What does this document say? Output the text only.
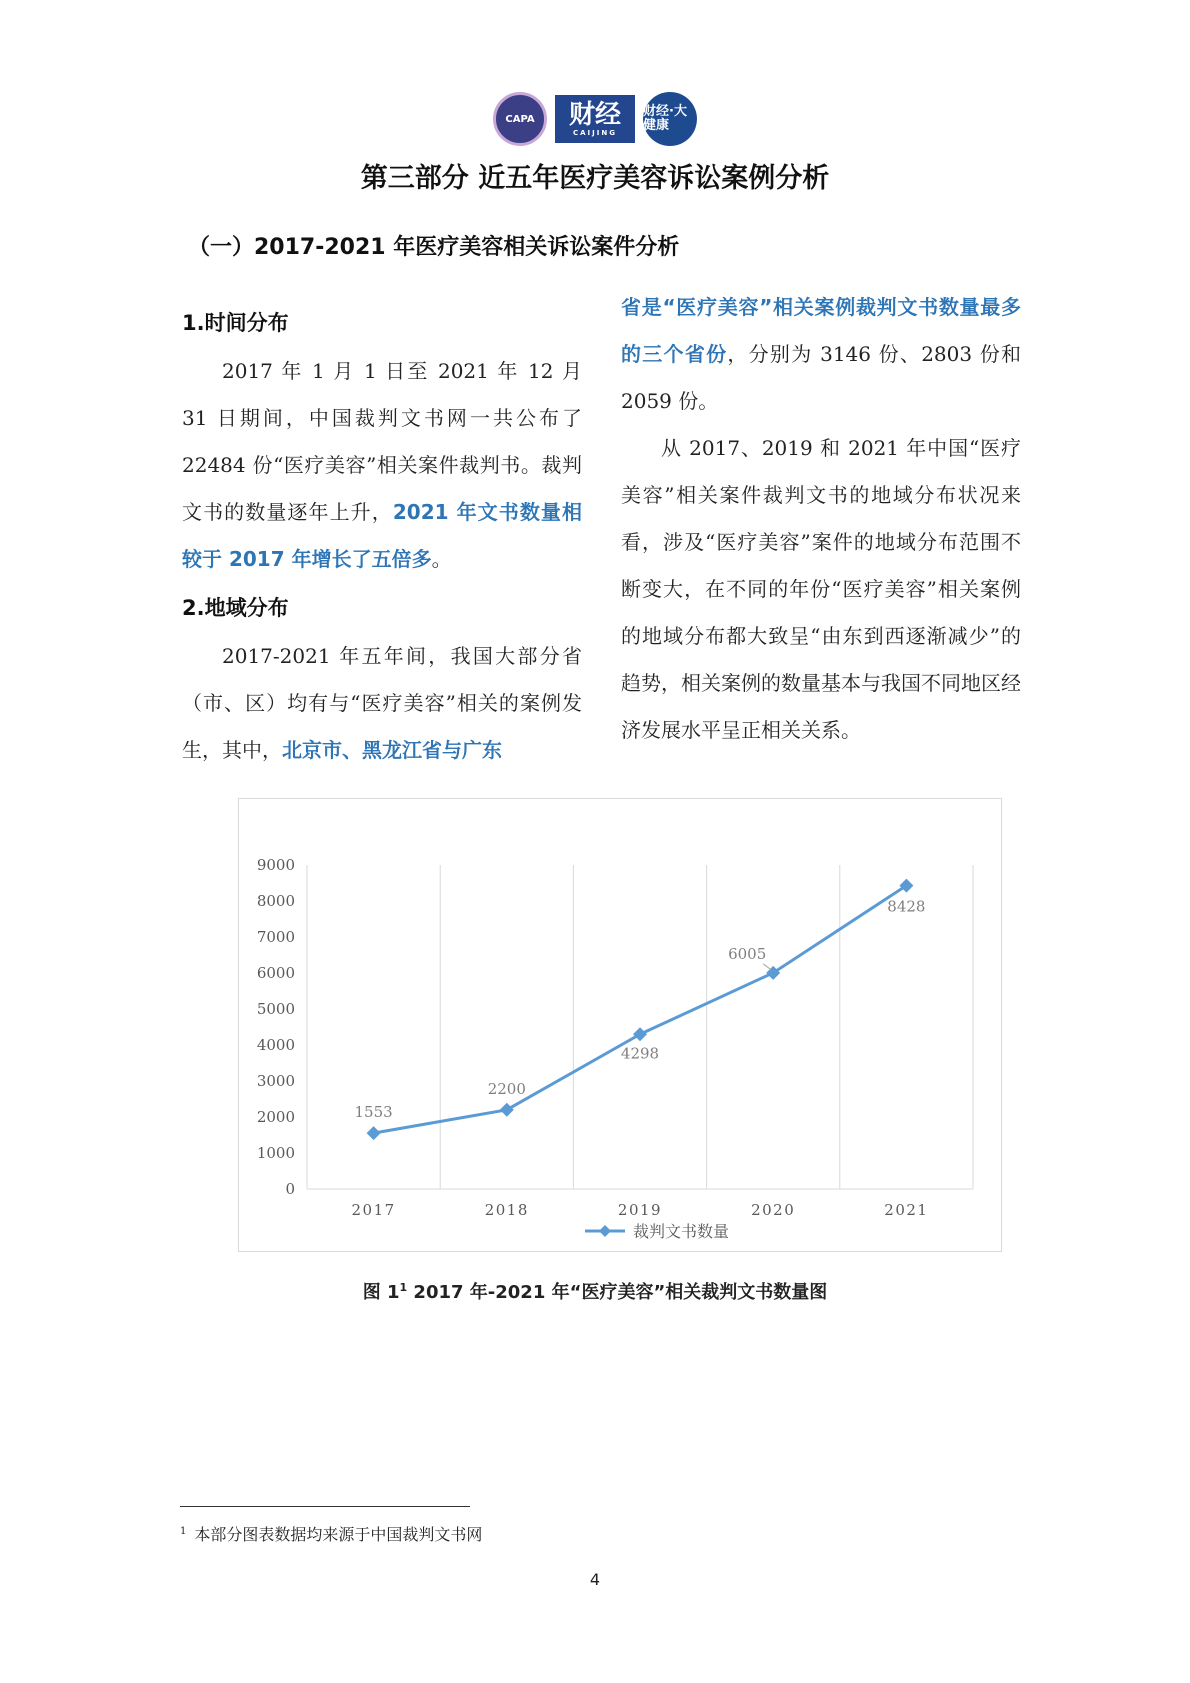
CAPA 财经
CAIJING
财经·大健康
第三部分 近五年医疗美容诉讼案例分析
（一）2017-2021 年医疗美容相关诉讼案件分析
1.时间分布
2017 年 1 月 1 日至 2021 年 12 月 31 日期间，中国裁判文书网一共公布了 22484 份“医疗美容”相关案件裁判书。裁判文书的数量逐年上升，2021 年文书数量相较于 2017 年增长了五倍多。
2.地域分布
2017-2021 年五年间，我国大部分省（市、区）均有与“医疗美容”相关的案例发生，其中，北京市、黑龙江省与广东
省是“医疗美容”相关案例裁判文书数量最多的三个省份，分别为 3146 份、2803 份和 2059 份。
从 2017、2019 和 2021 年中国“医疗美容”相关案件裁判文书的地域分布状况来看，涉及“医疗美容”案件的地域分布范围不断变大，在不同的年份“医疗美容”相关案例的地域分布都大致呈“由东到西逐渐减少”的趋势，相关案例的数量基本与我国不同地区经济发展水平呈正相关关系。
0
1000
2000
3000
4000
5000
6000
7000
8000
9000
2017	2018	2019	2020	2021
1553
2200
4298
6005
8428
裁判文书数量
图 $1^1$ 2017 年-2021 年“医疗美容”相关裁判文书数量图
$^1$ 本部分图表数据均来源于中国裁判文书网
4
